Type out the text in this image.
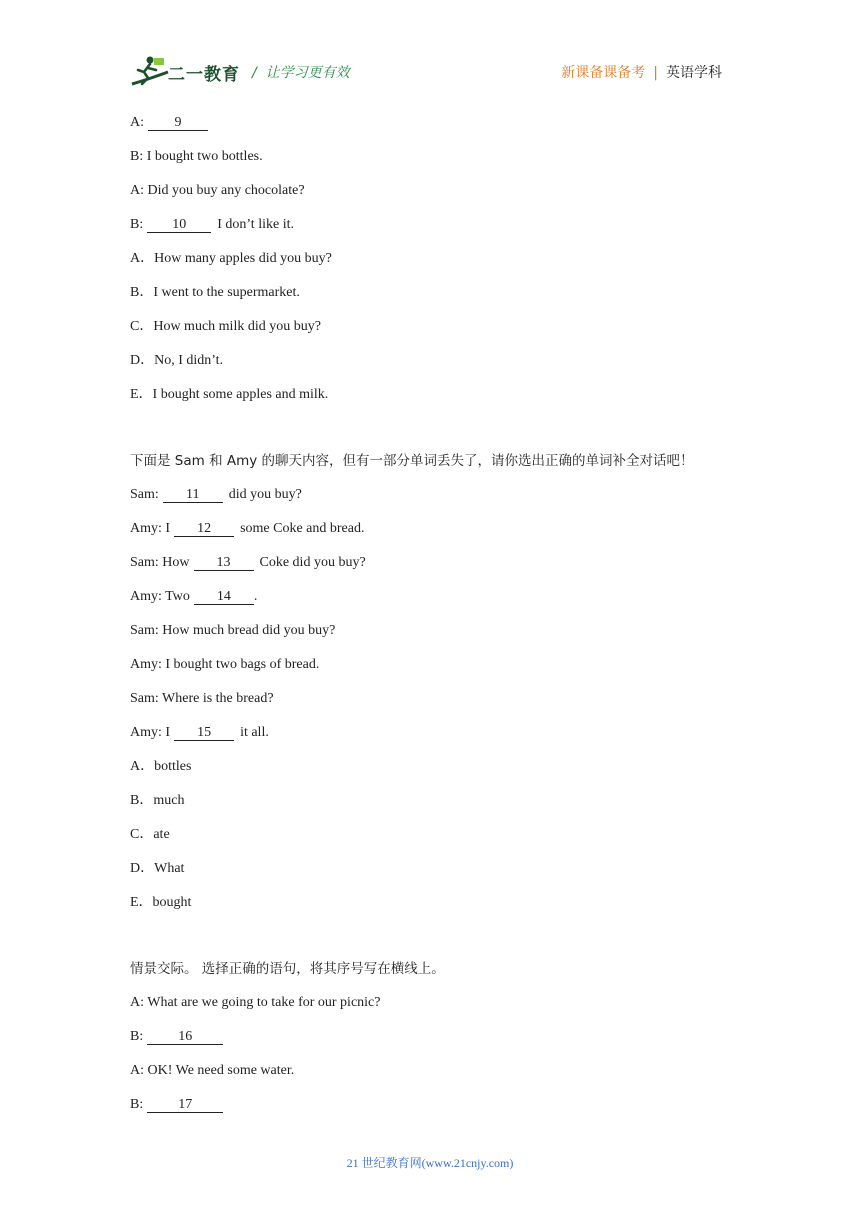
二一教育 / 让学习更有效	新课备课备考 | 英语学科
A: 9
B: I bought two bottles.
A: Did you buy any chocolate?
B: 10 I don’t like it.
A．How many apples did you buy?
B．I went to the supermarket.
C．How much milk did you buy?
D．No, I didn’t.
E．I bought some apples and milk.
下面是 Sam 和 Amy 的聊天内容，但有一部分单词丢失了，请你选出正确的单词补全对话吧！
Sam: 11 did you buy?
Amy: I 12 some Coke and bread.
Sam: How 13 Coke did you buy?
Amy: Two 14 .
Sam: How much bread did you buy?
Amy: I bought two bags of bread.
Sam: Where is the bread?
Amy: I 15 it all.
A．bottles
B．much
C．ate
D．What
E．bought
情景交际。 选择正确的语句，将其序号写在横线上。
A: What are we going to take for our picnic?
B:	16
A: OK! We need some water.
B:	17
21 世纪教育网(www.21cnjy.com)
